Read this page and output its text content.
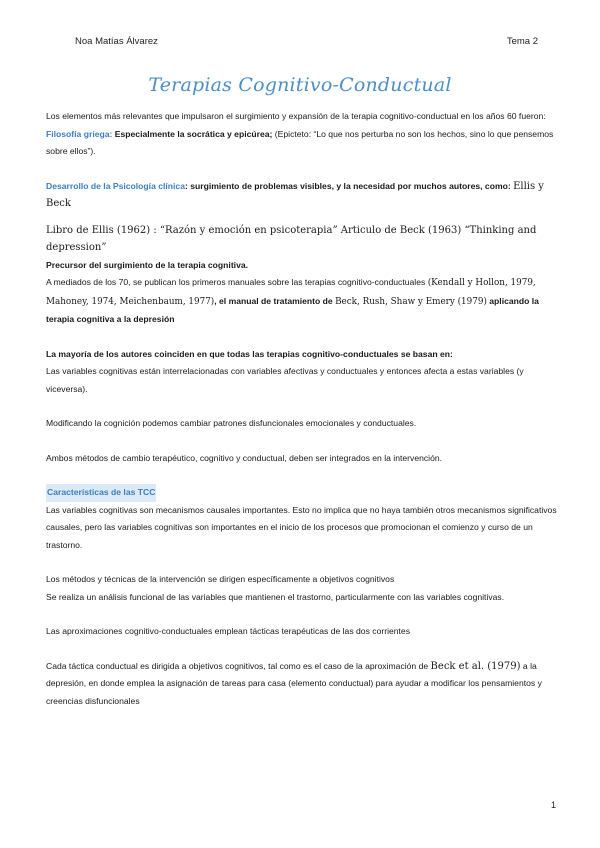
Noa Matías Álvarez	Tema 2
Terapias Cognitivo-Conductual

Los elementos más relevantes que impulsaron el surgimiento y expansión de la terapia cognitivo-conductual en los años 60 fueron:

Filosofía griega: Especialmente la socrática y epicúrea; (Epicteto: “Lo que nos perturba no son los hechos, sino lo que pensemos sobre ellos”).

Desarrollo de la Psicología clínica: surgimiento de problemas visibles, y la necesidad por muchos autores, como: Ellis y Beck

Libro de Ellis (1962) : “Razón y emoción en psicoterapia” Articulo de Beck (1963) “Thinking and depression”

Precursor del surgimiento de la terapia cognitiva.

A mediados de los 70, se publican los primeros manuales sobre las terapias cognitivo-conductuales (Kendall y Hollon, 1979, Mahoney, 1974, Meichenbaum, 1977), el manual de tratamiento de Beck, Rush, Shaw y Emery (1979) aplicando la terapia cognitiva a la depresión

La mayoría de los autores coinciden en que todas las terapias cognitivo-conductuales se basan en:

Las variables cognitivas están interrelacionadas con variables afectivas y conductuales y entonces afecta a estas variables (y viceversa).

Modificando la cognición podemos cambiar patrones disfuncionales emocionales y conductuales.

Ambos métodos de cambio terapéutico, cognitivo y conductual, deben ser integrados en la intervención.

Características de las TCC

Las variables cognitivas son mecanismos causales importantes. Esto no implica que no haya también otros mecanismos significativos causales, pero las variables cognitivas son importantes en el inicio de los procesos que promocionan el comienzo y curso de un trastorno.

Los métodos y técnicas de la intervención se dirigen específicamente a objetivos cognitivos

Se realiza un análisis funcional de las variables que mantienen el trastorno, particularmente con las variables cognitivas.

Las aproximaciones cognitivo-conductuales emplean tácticas terapéuticas de las dos corrientes

Cada táctica conductual es dirigida a objetivos cognitivos, tal como es el caso de la aproximación de Beck et al. (1979) a la depresión, en donde emplea la asignación de tareas para casa (elemento conductual) para ayudar a modificar los pensamientos y creencias disfuncionales

1
